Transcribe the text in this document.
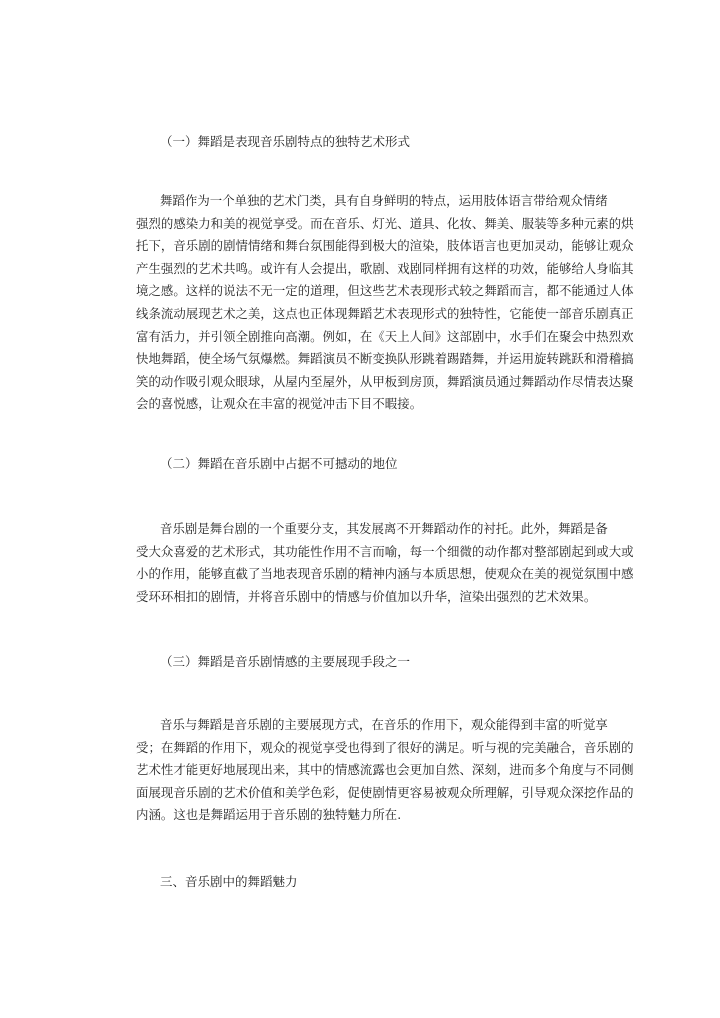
（一）舞蹈是表现音乐剧特点的独特艺术形式
舞蹈作为一个单独的艺术门类，具有自身鲜明的特点，运用肢体语言带给观众情绪
强烈的感染力和美的视觉享受。而在音乐、灯光、道具、化妆、舞美、服装等多种元素的烘
托下，音乐剧的剧情情绪和舞台氛围能得到极大的渲染，肢体语言也更加灵动，能够让观众
产生强烈的艺术共鸣。或许有人会提出，歌剧、戏剧同样拥有这样的功效，能够给人身临其
境之感。这样的说法不无一定的道理，但这些艺术表现形式较之舞蹈而言，都不能通过人体
线条流动展现艺术之美，这点也正体现舞蹈艺术表现形式的独特性，它能使一部音乐剧真正
富有活力，并引领全剧推向高潮。例如，在《天上人间》这部剧中，水手们在聚会中热烈欢
快地舞蹈，使全场气氛爆燃。舞蹈演员不断变换队形跳着踢踏舞，并运用旋转跳跃和滑稽搞
笑的动作吸引观众眼球，从屋内至屋外，从甲板到房顶，舞蹈演员通过舞蹈动作尽情表达聚
会的喜悦感，让观众在丰富的视觉冲击下目不暇接。
（二）舞蹈在音乐剧中占据不可撼动的地位
音乐剧是舞台剧的一个重要分支，其发展离不开舞蹈动作的衬托。此外，舞蹈是备
受大众喜爱的艺术形式，其功能性作用不言而喻，每一个细微的动作都对整部剧起到或大或
小的作用，能够直截了当地表现音乐剧的精神内涵与本质思想，使观众在美的视觉氛围中感
受环环相扣的剧情，并将音乐剧中的情感与价值加以升华，渲染出强烈的艺术效果。
（三）舞蹈是音乐剧情感的主要展现手段之一
音乐与舞蹈是音乐剧的主要展现方式，在音乐的作用下，观众能得到丰富的听觉享
受；在舞蹈的作用下，观众的视觉享受也得到了很好的满足。听与视的完美融合，音乐剧的
艺术性才能更好地展现出来，其中的情感流露也会更加自然、深刻，进而多个角度与不同侧
面展现音乐剧的艺术价值和美学色彩，促使剧情更容易被观众所理解，引导观众深挖作品的
内涵。这也是舞蹈运用于音乐剧的独特魅力所在.
三、音乐剧中的舞蹈魅力
